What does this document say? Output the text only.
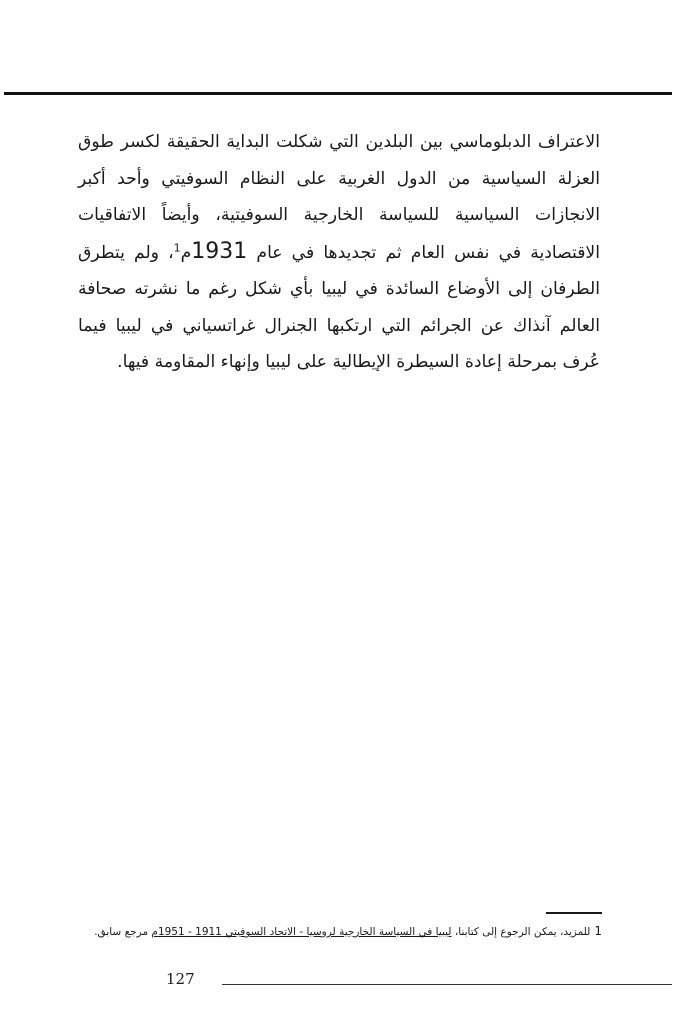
الاعتراف الدبلوماسي بين البلدين التي شكلت البداية الحقيقة لكسر طوق العزلة السياسية من الدول الغربية على النظام السوفيتي وأحد أكبر الانجازات السياسية للسياسة الخارجية السوفيتية، وأيضاً الاتفاقيات الاقتصادية في نفس العام ثم تجديدها في عام 1931م$^1$، ولم يتطرق الطرفان إلى الأوضاع السائدة في ليبيا بأي شكل رغم ما نشرته صحافة العالم آنذاك عن الجرائم التي ارتكبها الجنرال غراتسياني في ليبيا فيما عُرف بمرحلة إعادة السيطرة الإيطالية على ليبيا وإنهاء المقاومة فيها.

1للمزيد، يمكن الرجوع إلى كتابنا، ليبيا في السياسة الخارجية لروسيا - الاتحاد السوفيتي 1911 - 1951م مرجع سابق.

127
